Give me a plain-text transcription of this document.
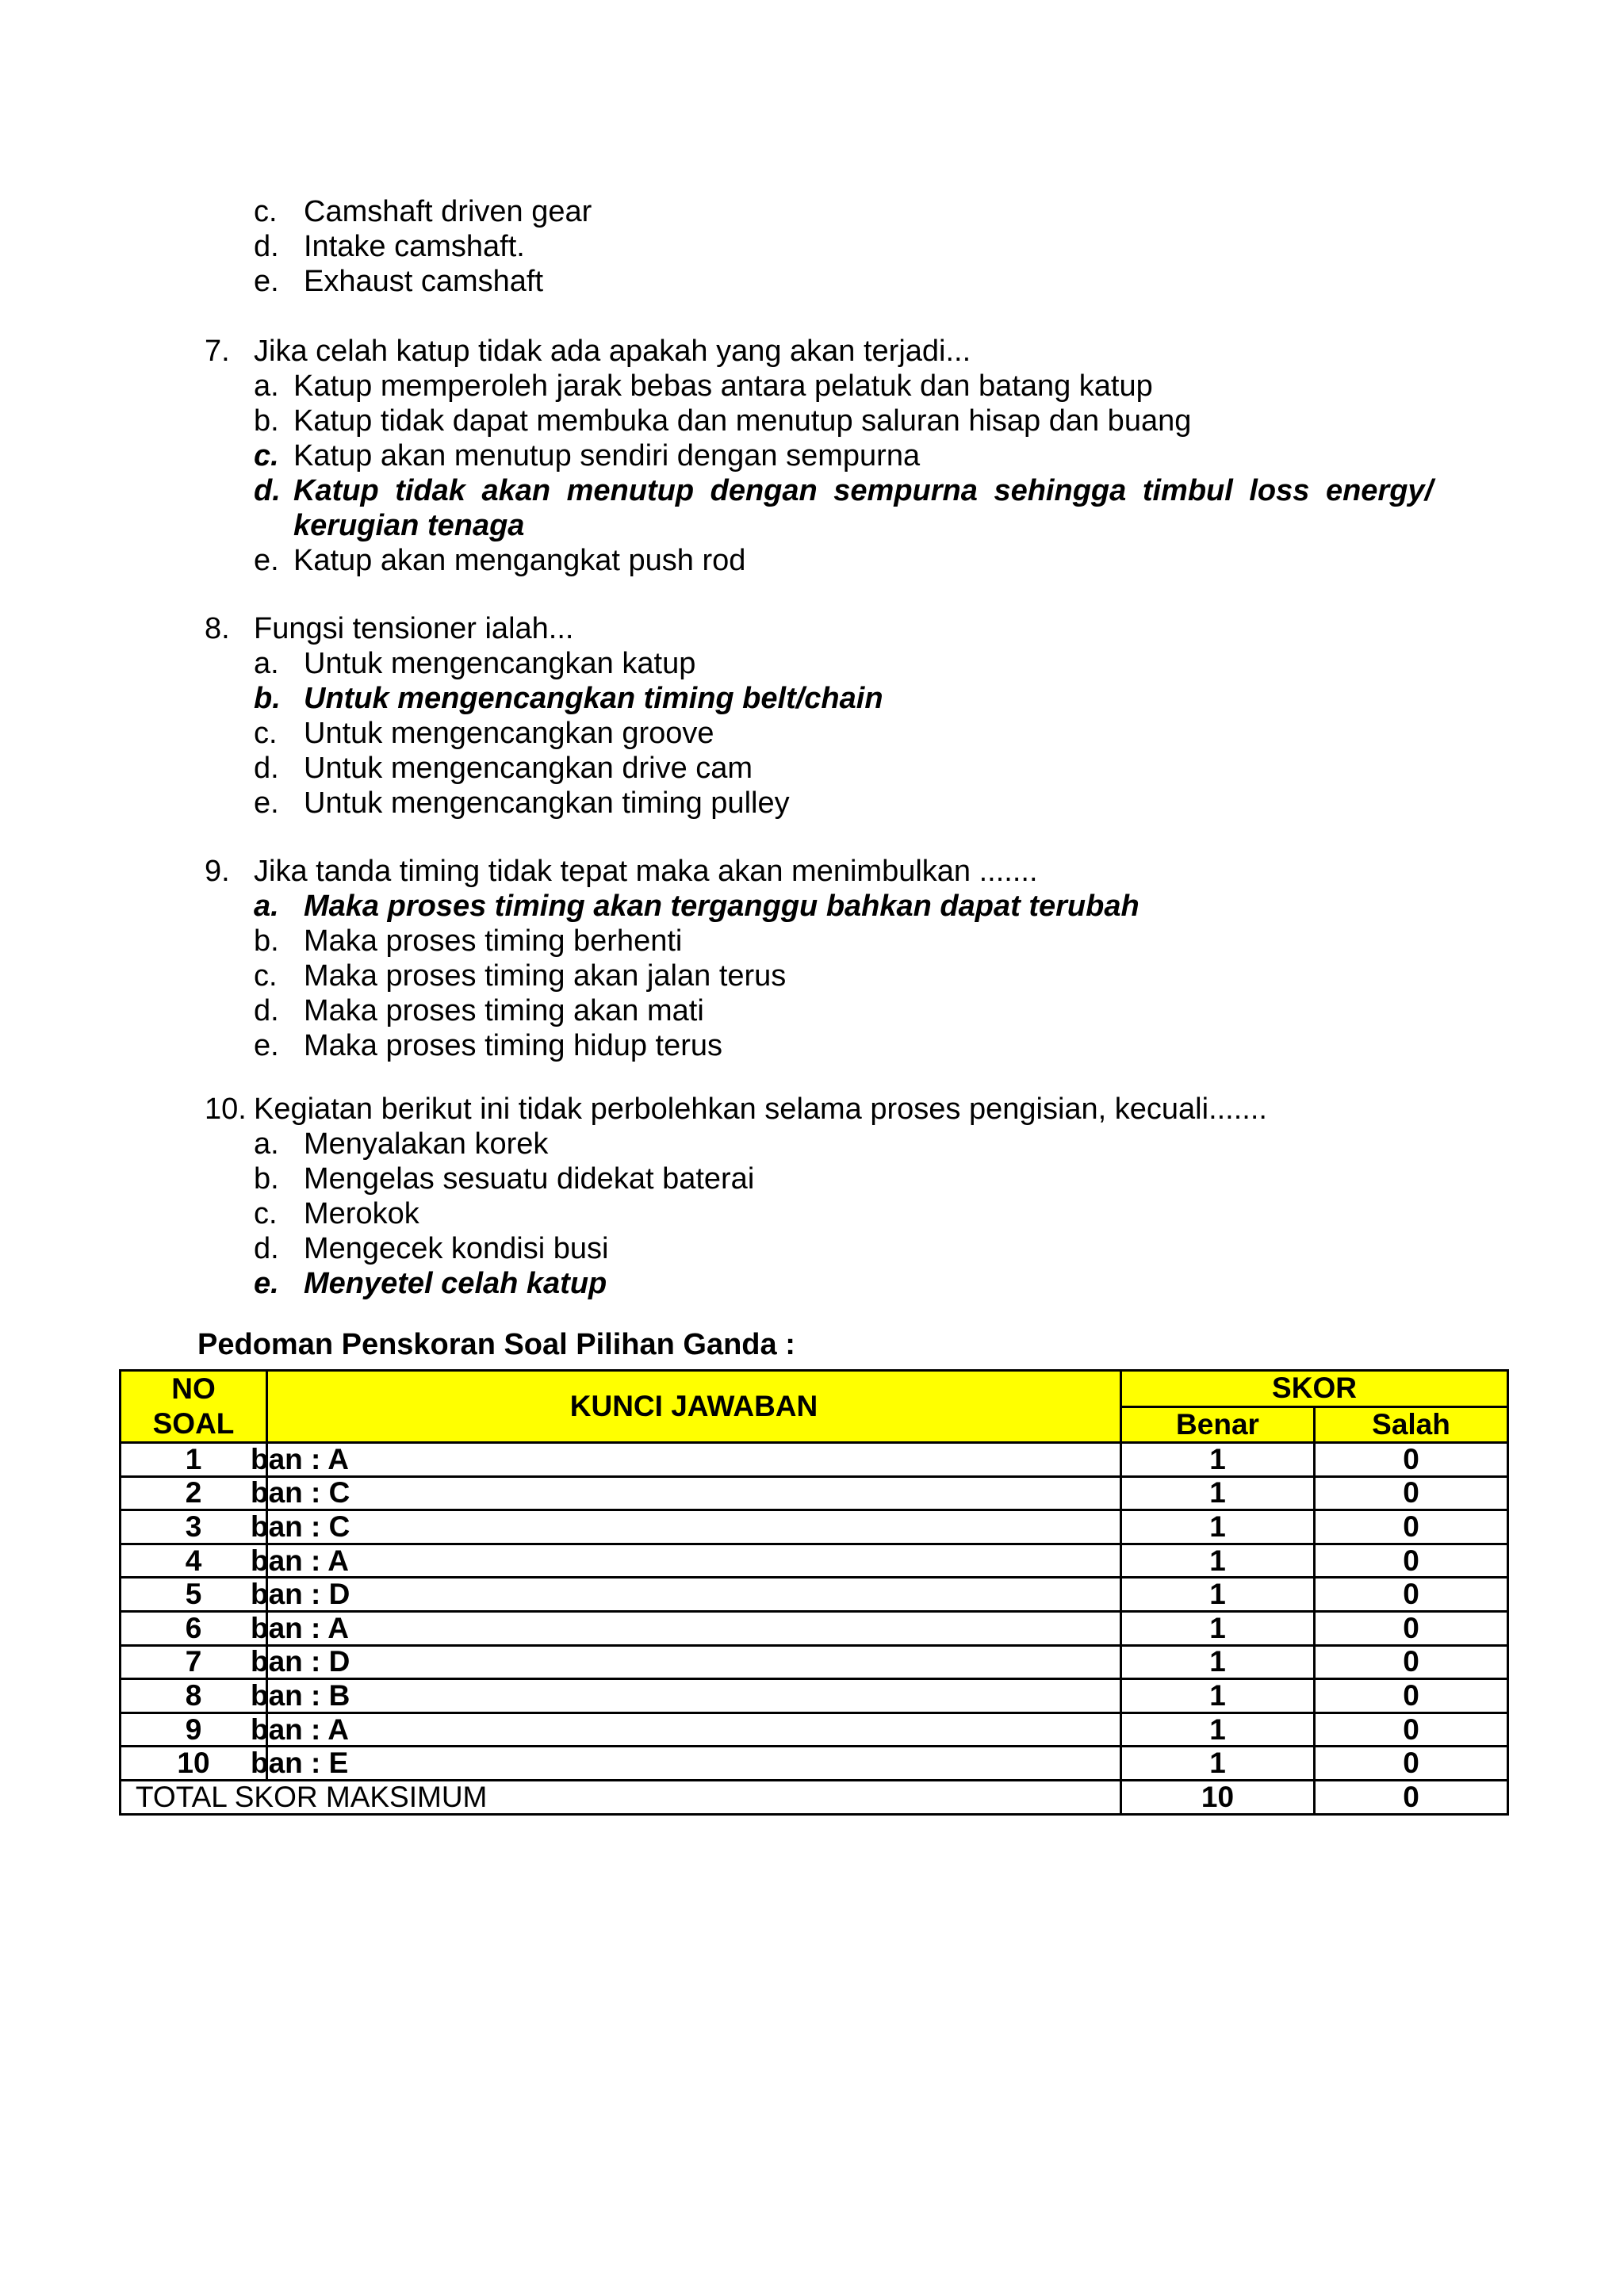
c. Camshaft driven gear
d. Intake camshaft.
e. Exhaust camshaft
7. Jika celah katup tidak ada apakah yang akan terjadi...
a. Katup memperoleh jarak bebas antara pelatuk dan batang katup
b. Katup tidak dapat membuka dan menutup saluran hisap dan buang
c. Katup akan menutup sendiri dengan sempurna
d. Katup tidak akan menutup dengan sempurna sehingga timbul loss energy/
kerugian tenaga
e. Katup akan mengangkat push rod
8. Fungsi tensioner ialah...
a. Untuk mengencangkan katup
b. Untuk mengencangkan timing belt/chain
c. Untuk mengencangkan groove
d. Untuk mengencangkan drive cam
e. Untuk mengencangkan timing pulley
9. Jika tanda timing tidak tepat maka akan menimbulkan .......
a. Maka proses timing akan terganggu bahkan dapat terubah
b. Maka proses timing berhenti
c. Maka proses timing akan jalan terus
d. Maka proses timing akan mati
e. Maka proses timing hidup terus
10. Kegiatan berikut ini tidak perbolehkan selama proses pengisian, kecuali.......
a. Menyalakan korek
b. Mengelas sesuatu didekat baterai
c. Merokok
d. Mengecek kondisi busi
e. Menyetel celah katup
Pedoman Penskoran Soal Pilihan Ganda :
NO
SOAL	KUNCI JAWABAN	SKOR	
		Benar	Salah
1	ban : A	1	0
2	ban : C	1	0
3	ban : C	1	0
4	ban : A	1	0
5	ban : D	1	0
6	ban : A	1	0
7	ban : D	1	0
8	ban : B	1	0
9	ban : A	1	0
10	ban : E	1	0
TOTAL SKOR MAKSIMUM		10	0
